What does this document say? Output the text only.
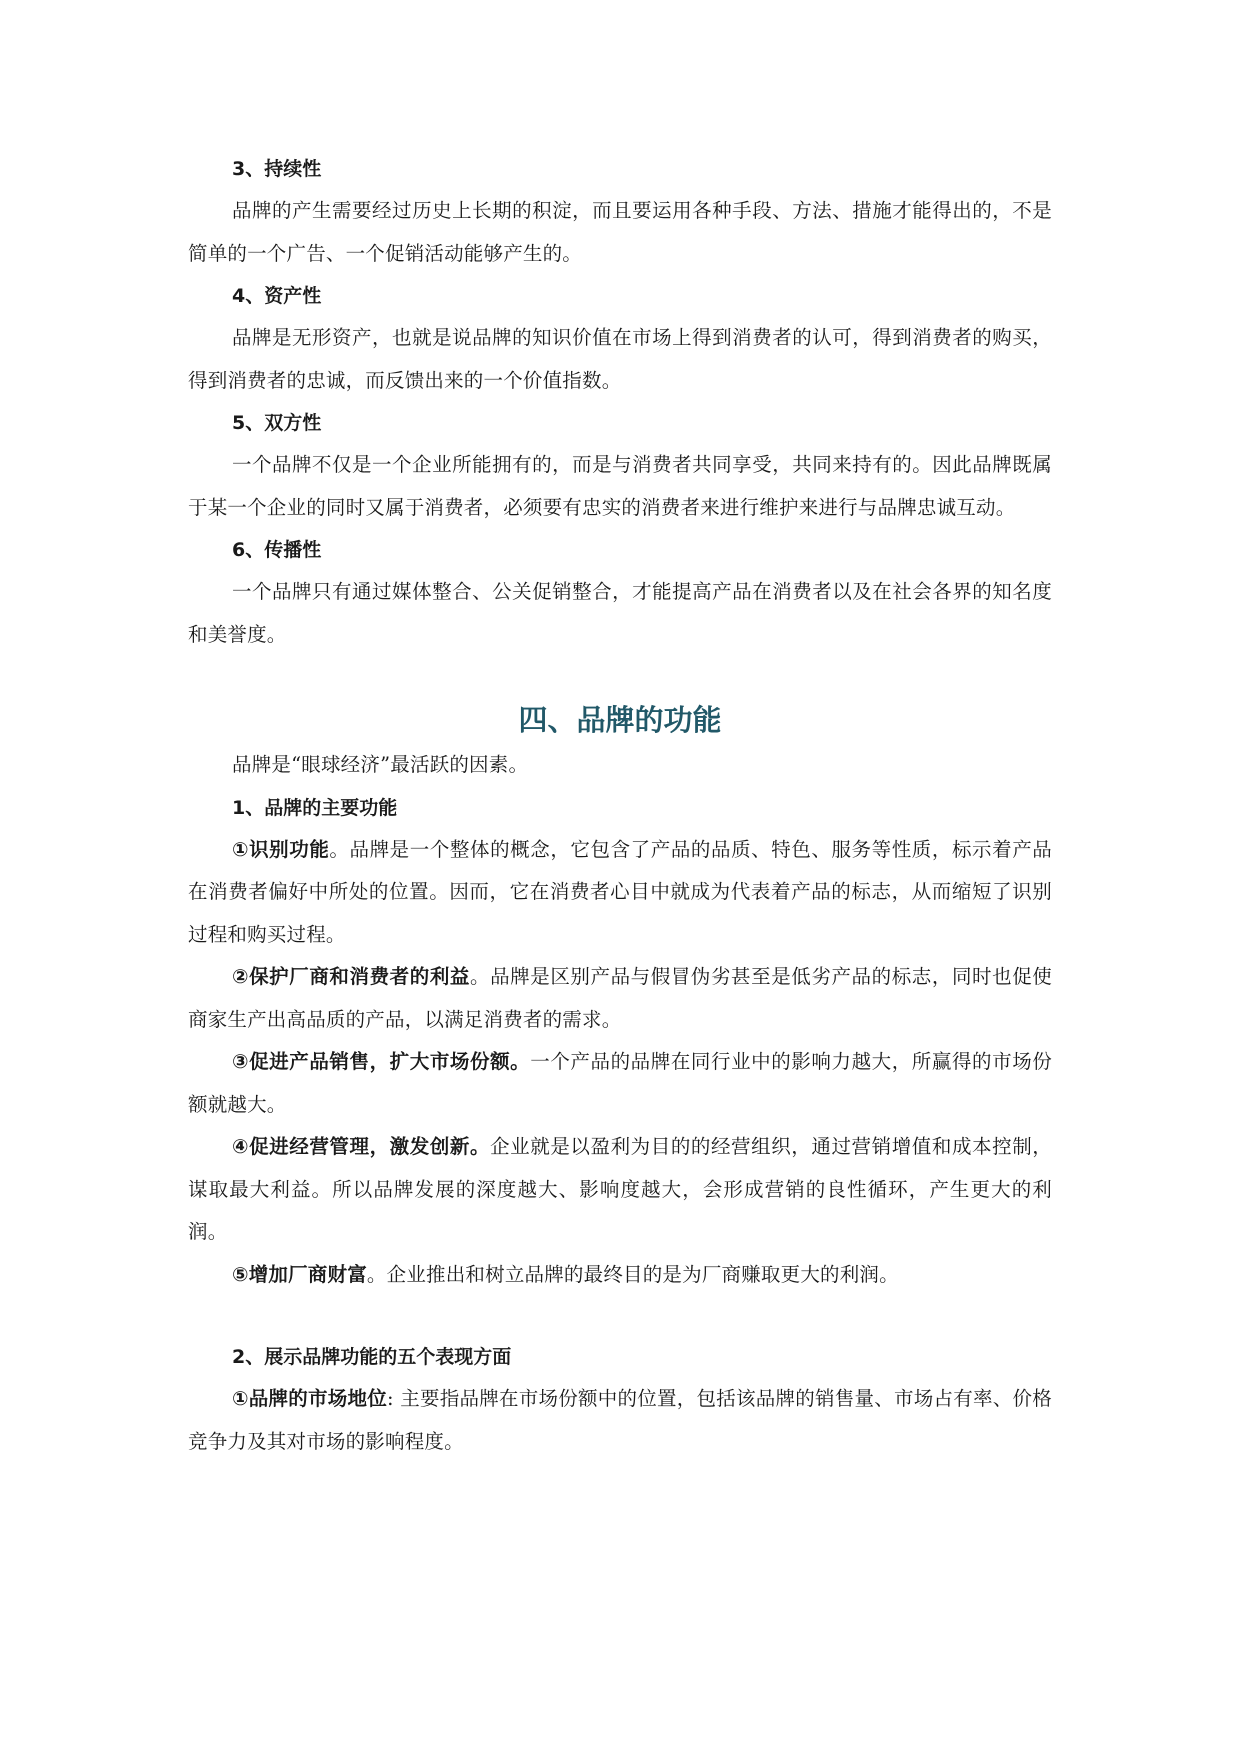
3、持续性

品牌的产生需要经过历史上长期的积淀，而且要运用各种手段、方法、措施才能得出的，不是简单的一个广告、一个促销活动能够产生的。

4、资产性

品牌是无形资产，也就是说品牌的知识价值在市场上得到消费者的认可，得到消费者的购买，得到消费者的忠诚，而反馈出来的一个价值指数。

5、双方性

一个品牌不仅是一个企业所能拥有的，而是与消费者共同享受，共同来持有的。因此品牌既属于某一个企业的同时又属于消费者，必须要有忠实的消费者来进行维护来进行与品牌忠诚互动。

6、传播性

一个品牌只有通过媒体整合、公关促销整合，才能提高产品在消费者以及在社会各界的知名度和美誉度。

四、品牌的功能

品牌是“眼球经济”最活跃的因素。

1、品牌的主要功能

①识别功能。品牌是一个整体的概念，它包含了产品的品质、特色、服务等性质，标示着产品在消费者偏好中所处的位置。因而，它在消费者心目中就成为代表着产品的标志，从而缩短了识别过程和购买过程。

②保护厂商和消费者的利益。品牌是区别产品与假冒伪劣甚至是低劣产品的标志，同时也促使商家生产出高品质的产品，以满足消费者的需求。

③促进产品销售，扩大市场份额。一个产品的品牌在同行业中的影响力越大，所赢得的市场份额就越大。

④促进经营管理，激发创新。企业就是以盈利为目的的经营组织，通过营销增值和成本控制，谋取最大利益。所以品牌发展的深度越大、影响度越大，会形成营销的良性循环，产生更大的利润。

⑤增加厂商财富。企业推出和树立品牌的最终目的是为厂商赚取更大的利润。

2、展示品牌功能的五个表现方面

①品牌的市场地位: 主要指品牌在市场份额中的位置，包括该品牌的销售量、市场占有率、价格竞争力及其对市场的影响程度。
